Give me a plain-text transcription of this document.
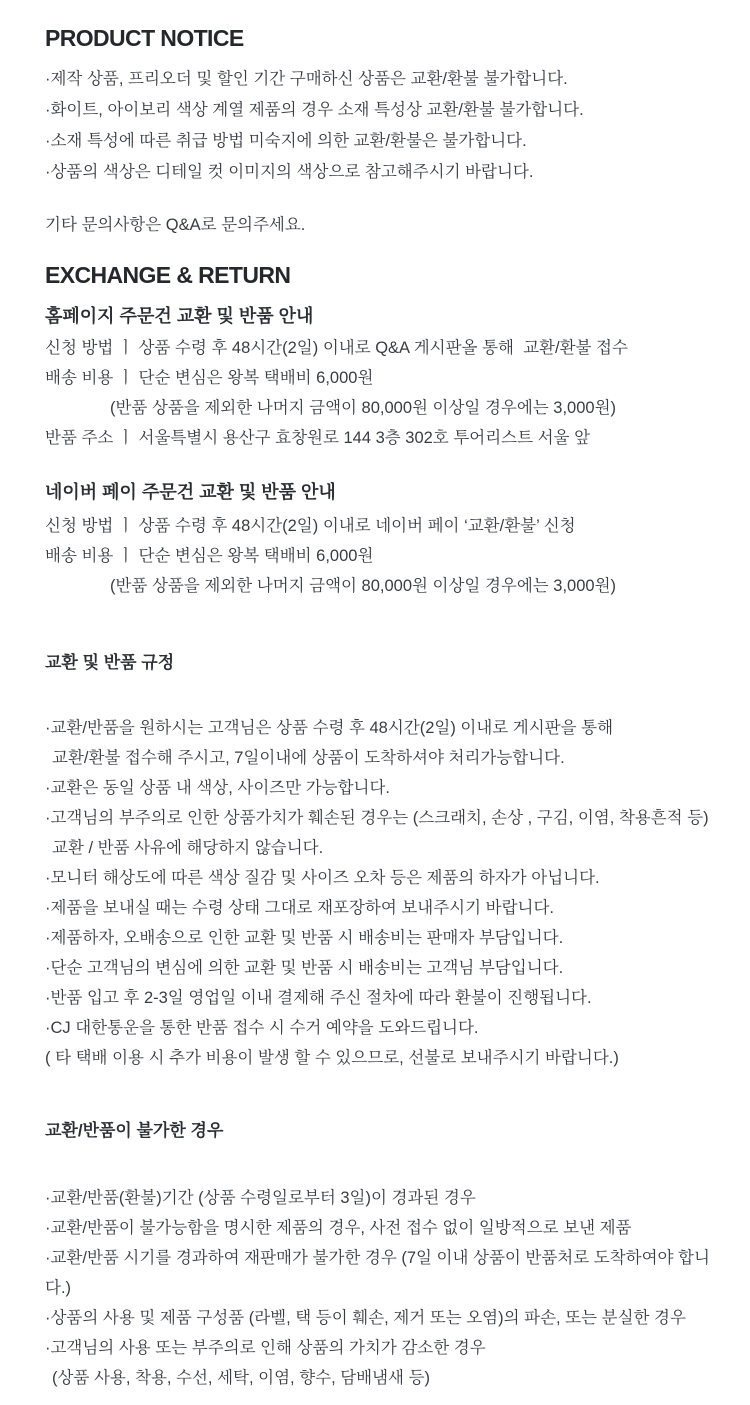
PRODUCT NOTICE
·제작 상품, 프리오더 및 할인 기간 구매하신 상품은 교환/환불 불가합니다.
·화이트, 아이보리 색상 계열 제품의 경우 소재 특성상 교환/환불 불가합니다.
·소재 특성에 따른 취급 방법 미숙지에 의한 교환/환불은 불가합니다.
·상품의 색상은 디테일 컷 이미지의 색상으로 참고해주시기 바랍니다.
기타 문의사항은 Q&A로 문의주세요.
EXCHANGE & RETURN
홈페이지 주문건 교환 및 반품 안내
신청 방법 ㅣ 상품 수령 후 48시간(2일) 이내로 Q&A 게시판올 통해  교환/환불 접수
배송 비용 ㅣ 단순 변심은 왕복 택배비 6,000원
(반품 상품을 제외한 나머지 금액이 80,000원 이상일 경우에는 3,000원)
반품 주소 ㅣ 서울특별시 용산구 효창원로 144 3층 302호 투어리스트 서울 앞
네이버 페이 주문건 교환 및 반품 안내
신청 방법 ㅣ 상품 수령 후 48시간(2일) 이내로 네이버 페이 ‘교환/환불’ 신청
배송 비용 ㅣ 단순 변심은 왕복 택배비 6,000원
(반품 상품을 제외한 나머지 금액이 80,000원 이상일 경우에는 3,000원)
교환 및 반품 규정
·교환/반품을 원하시는 고객님은 상품 수령 후 48시간(2일) 이내로 게시판을 통해
교환/환불 접수해 주시고, 7일이내에 상품이 도착하셔야 처리가능합니다.
·교환은 동일 상품 내 색상, 사이즈만 가능합니다.
·고객님의 부주의로 인한 상품가치가 훼손된 경우는 (스크래치, 손상 , 구김, 이염, 착용흔적 등)
교환 / 반품 사유에 해당하지 않습니다.
·모니터 해상도에 따른 색상 질감 및 사이즈 오차 등은 제품의 하자가 아닙니다.
·제품을 보내실 때는 수령 상태 그대로 재포장하여 보내주시기 바랍니다.
·제품하자, 오배송으로 인한 교환 및 반품 시 배송비는 판매자 부담입니다.
·단순 고객님의 변심에 의한 교환 및 반품 시 배송비는 고객님 부담입니다.
·반품 입고 후 2-3일 영업일 이내 결제해 주신 절차에 따라 환불이 진행됩니다.
·CJ 대한통운을 통한 반품 접수 시 수거 예약을 도와드립니다.
( 타 택배 이용 시 추가 비용이 발생 할 수 있으므로, 선불로 보내주시기 바랍니다.)
교환/반품이 불가한 경우
·교환/반품(환불)기간 (상품 수령일로부터 3일)이 경과된 경우
·교환/반품이 불가능함을 명시한 제품의 경우, 사전 접수 없이 일방적으로 보낸 제품
·교환/반품 시기를 경과하여 재판매가 불가한 경우 (7일 이내 상품이 반품처로 도착하여야 합니다.)
·상품의 사용 및 제품 구성품 (라벨, 택 등이 훼손, 제거 또는 오염)의 파손, 또는 분실한 경우
·고객님의 사용 또는 부주의로 인해 상품의 가치가 감소한 경우
(상품 사용, 착용, 수선, 세탁, 이염, 향수, 담배냄새 등)
